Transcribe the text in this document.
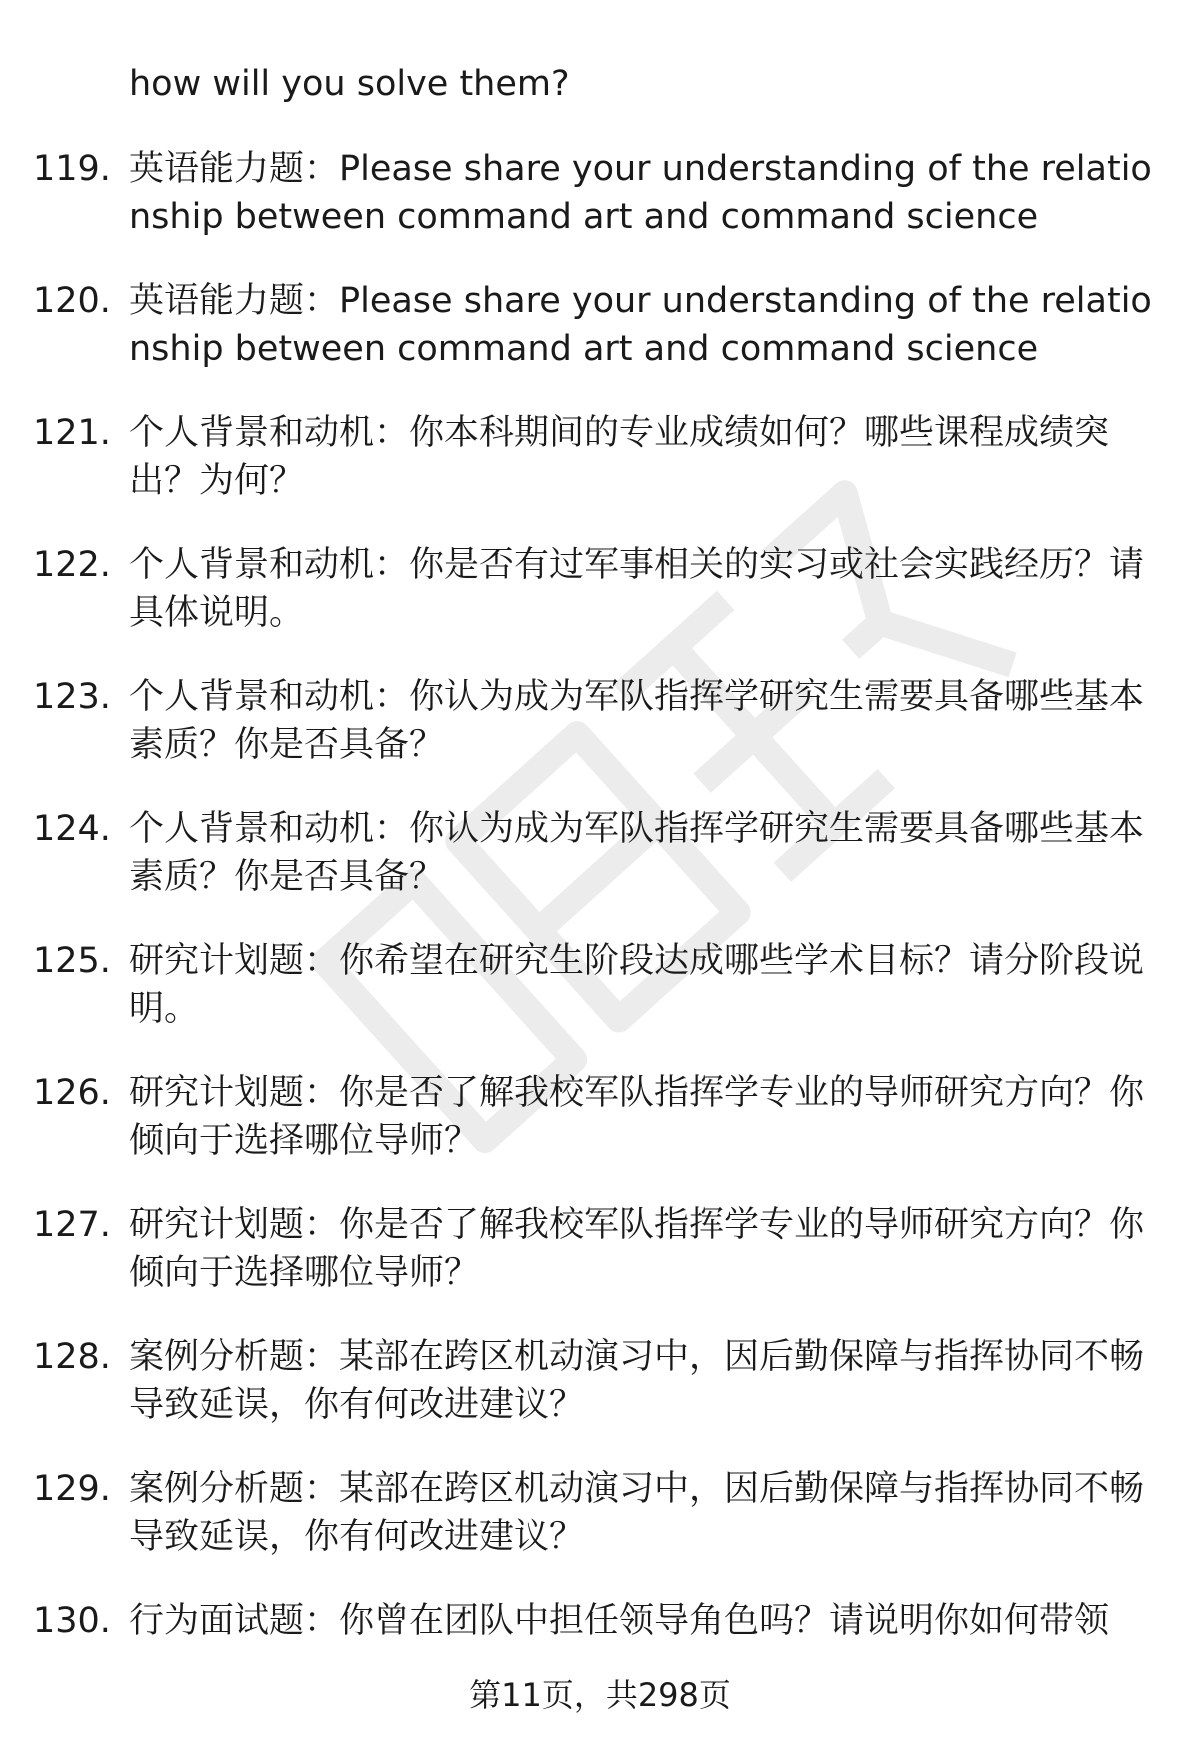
how will you solve them?

119. 英语能力题：Please share your understanding of the relationship between command art and command science
120. 英语能力题：Please share your understanding of the relationship between command art and command science
121. 个人背景和动机：你本科期间的专业成绩如何？哪些课程成绩突出？为何？
122. 个人背景和动机：你是否有过军事相关的实习或社会实践经历？请具体说明。
123. 个人背景和动机：你认为成为军队指挥学研究生需要具备哪些基本素质？你是否具备？
124. 个人背景和动机：你认为成为军队指挥学研究生需要具备哪些基本素质？你是否具备？
125. 研究计划题：你希望在研究生阶段达成哪些学术目标？请分阶段说明。
126. 研究计划题：你是否了解我校军队指挥学专业的导师研究方向？你倾向于选择哪位导师？
127. 研究计划题：你是否了解我校军队指挥学专业的导师研究方向？你倾向于选择哪位导师？
128. 案例分析题：某部在跨区机动演习中，因后勤保障与指挥协同不畅导致延误，你有何改进建议？
129. 案例分析题：某部在跨区机动演习中，因后勤保障与指挥协同不畅导致延误，你有何改进建议？
130. 行为面试题：你曾在团队中担任领导角色吗？请说明你如何带领
第11页，共298页
